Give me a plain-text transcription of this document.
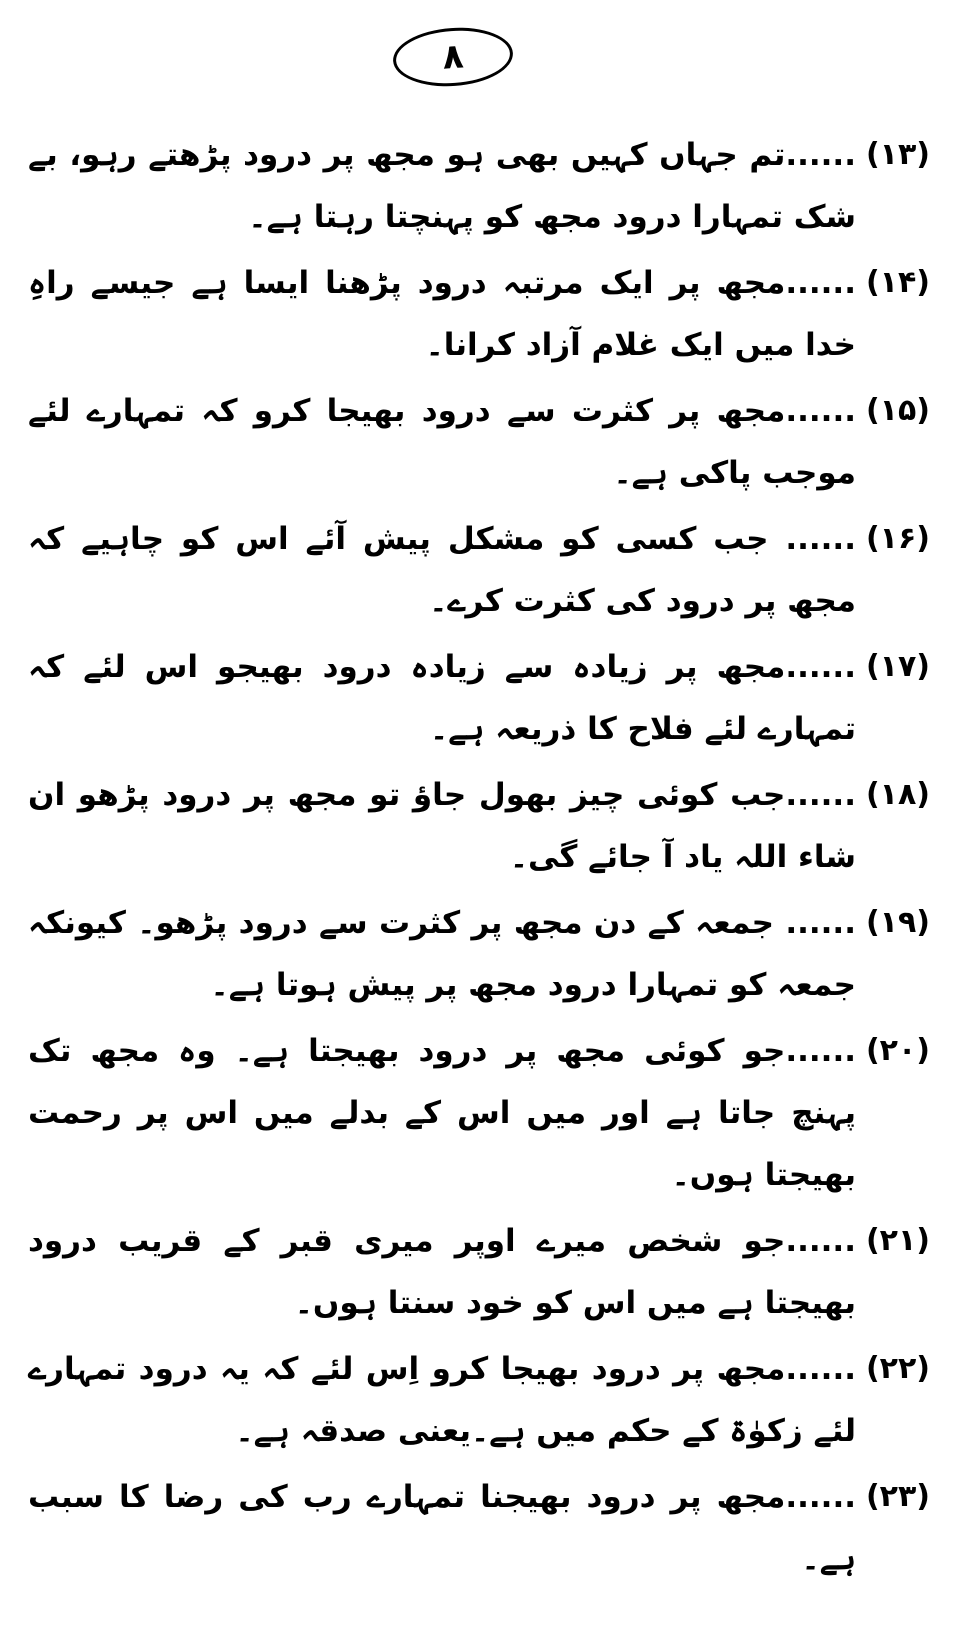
۸
(۱۳)
......تم جہاں کہیں بھی ہو مجھ پر درود پڑھتے رہو، بے شک تمہارا درود مجھ کو پہنچتا رہتا ہے۔
(۱۴)
......مجھ پر ایک مرتبہ درود پڑھنا ایسا ہے جیسے راہِ خدا میں ایک غلام آزاد کرانا۔
(۱۵)
......مجھ پر کثرت سے درود بھیجا کرو کہ تمہارے لئے موجب پاکی ہے۔
(۱۶)
...... جب کسی کو مشکل پیش آئے اس کو چاہیے کہ مجھ پر درود کی کثرت کرے۔
(۱۷)
......مجھ پر زیادہ سے زیادہ درود بھیجو اس لئے کہ تمہارے لئے فلاح کا ذریعہ ہے۔
(۱۸)
......جب کوئی چیز بھول جاؤ تو مجھ پر درود پڑھو ان شاء اللہ یاد آ جائے گی۔
(۱۹)
...... جمعہ کے دن مجھ پر کثرت سے درود پڑھو۔ کیونکہ جمعہ کو تمہارا درود مجھ پر پیش ہوتا ہے۔
(۲۰)
......جو کوئی مجھ پر درود بھیجتا ہے۔ وہ مجھ تک پہنچ جاتا ہے اور میں اس کے بدلے میں اس پر رحمت بھیجتا ہوں۔
(۲۱)
......جو شخص میرے اوپر میری قبر کے قریب درود بھیجتا ہے میں اس کو خود سنتا ہوں۔
(۲۲)
......مجھ پر درود بھیجا کرو اِس لئے کہ یہ درود تمہارے لئے زکوٰۃ کے حکم میں ہے۔یعنی صدقہ ہے۔
(۲۳)
......مجھ پر درود بھیجنا تمہارے رب کی رضا کا سبب ہے۔
